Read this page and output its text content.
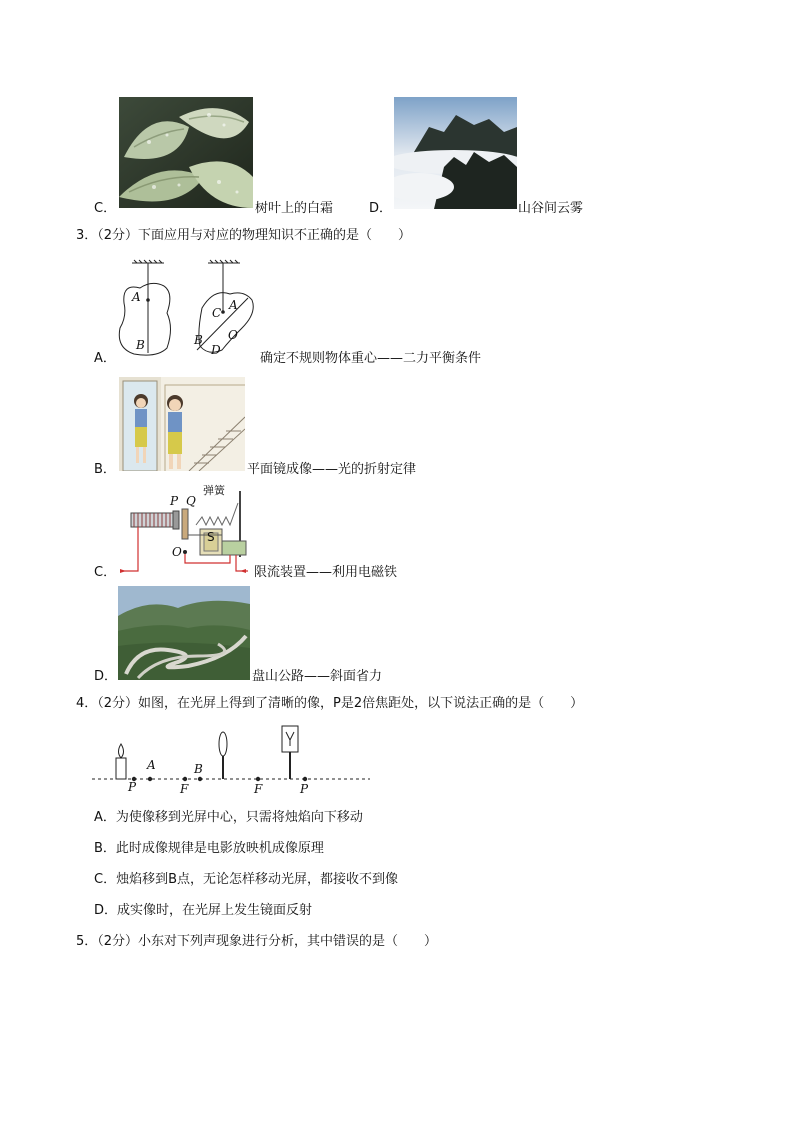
C．	树叶上的白霜	D．	山谷间云雾
3．（2分）下面应用与对应的物理知识不正确的是（　　）
A
B
C
A
O
B
D
A．	确定不规则物体重心——二力平衡条件
B．	平面镜成像——光的折射定律
P Q
弹簧
S
O
C．	限流装置——利用电磁铁
D．	盘山公路——斜面省力
4．（2分）如图，在光屏上得到了清晰的像，P是2倍焦距处，以下说法正确的是（　　）
P
A
F
B
F	P
A．为使像移到光屏中心，只需将烛焰向下移动
B．此时成像规律是电影放映机成像原理
C．烛焰移到B点，无论怎样移动光屏，都接收不到像
D．成实像时，在光屏上发生镜面反射
5．（2分）小东对下列声现象进行分析，其中错误的是（　　）
